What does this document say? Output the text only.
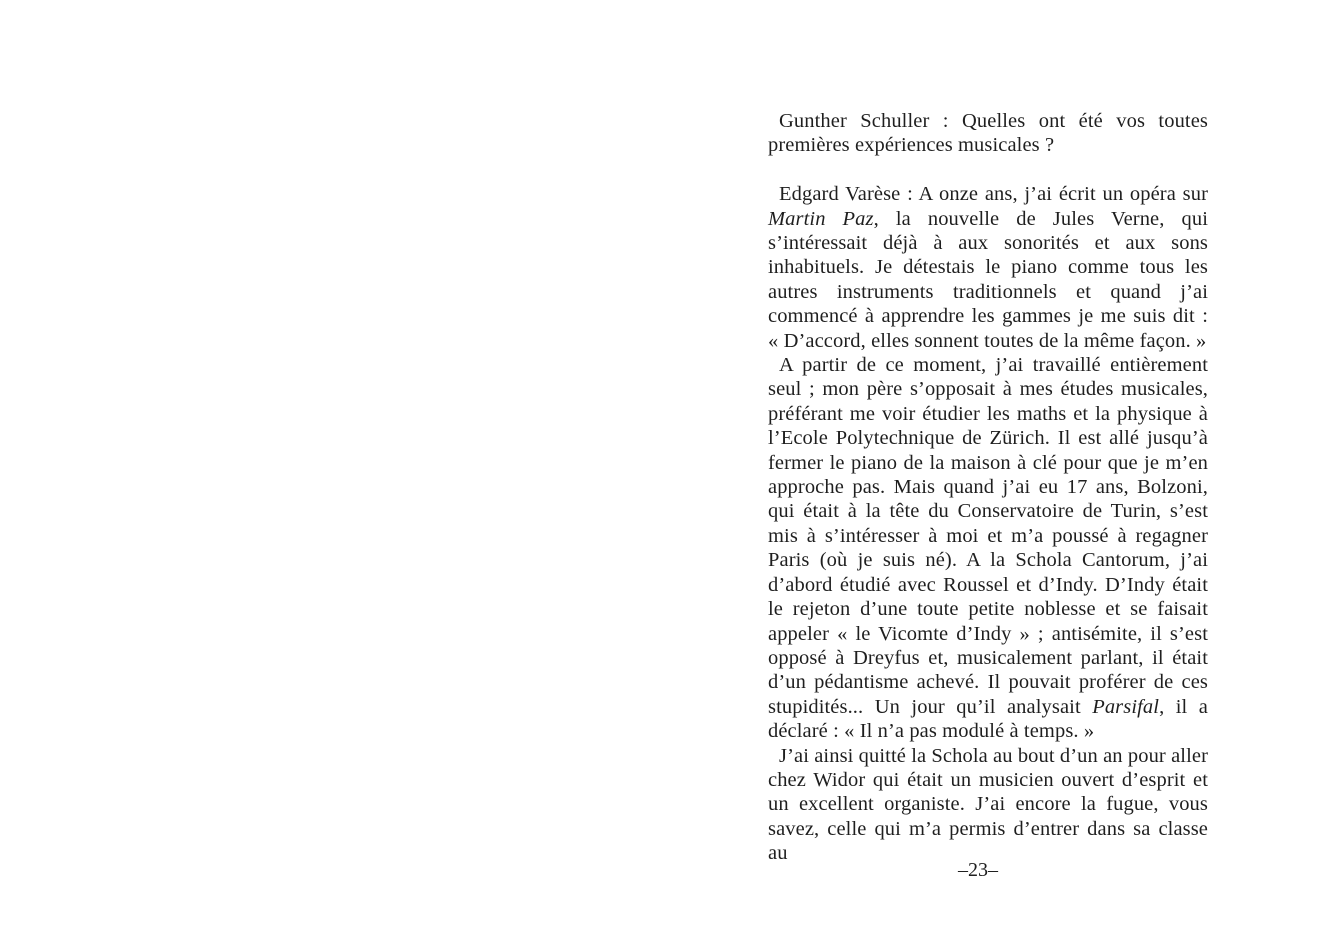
Gunther Schuller : Quelles ont été vos toutes premières expériences musicales ?

Edgard Varèse : A onze ans, j’ai écrit un opéra sur Martin Paz, la nouvelle de Jules Verne, qui s’intéressait déjà à aux sonorités et aux sons inhabituels. Je détestais le piano comme tous les autres instruments traditionnels et quand j’ai commencé à apprendre les gammes je me suis dit : « D’accord, elles sonnent toutes de la même façon. »

A partir de ce moment, j’ai travaillé entièrement seul ; mon père s’opposait à mes études musicales, préférant me voir étudier les maths et la physique à l’Ecole Polytechnique de Zürich. Il est allé jusqu’à fermer le piano de la maison à clé pour que je m’en approche pas. Mais quand j’ai eu 17 ans, Bolzoni, qui était à la tête du Conservatoire de Turin, s’est mis à s’intéresser à moi et m’a poussé à regagner Paris (où je suis né). A la Schola Cantorum, j’ai d’abord étudié avec Roussel et d’Indy. D’Indy était le rejeton d’une toute petite noblesse et se faisait appeler « le Vicomte d’Indy » ; antisémite, il s’est opposé à Dreyfus et, musicalement parlant, il était d’un pédantisme achevé. Il pouvait proférer de ces stupidités... Un jour qu’il analysait Parsifal, il a déclaré : « Il n’a pas modulé à temps. »

J’ai ainsi quitté la Schola au bout d’un an pour aller chez Widor qui était un musicien ouvert d’esprit et un excellent organiste. J’ai encore la fugue, vous savez, celle qui m’a permis d’entrer dans sa classe au

–23–
